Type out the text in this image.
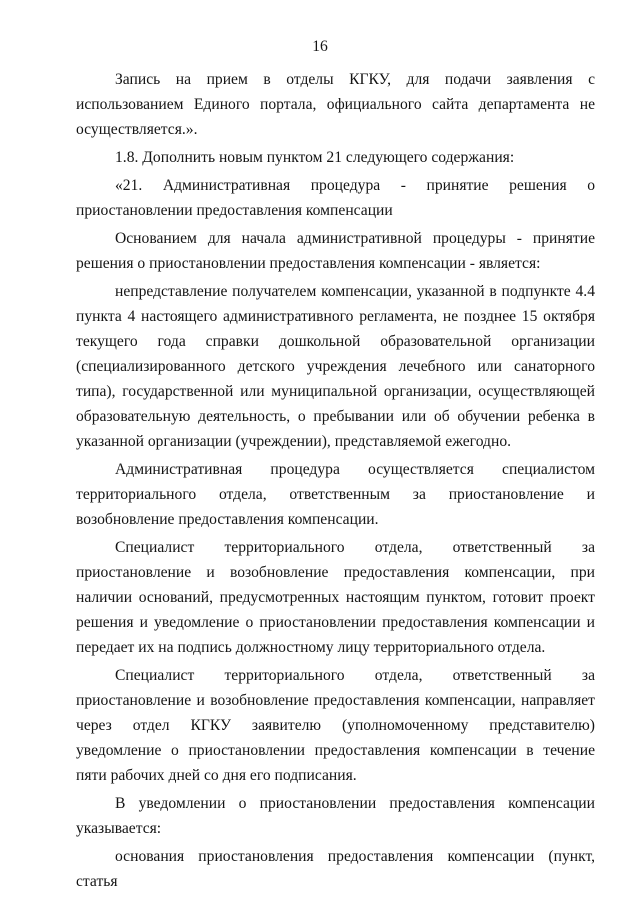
16

Запись на прием в отделы КГКУ, для подачи заявления с использованием Единого портала, официального сайта департамента не осуществляется.».

1.8. Дополнить новым пунктом 21 следующего содержания:

«21. Административная процедура - принятие решения о приостановлении предоставления компенсации

Основанием для начала административной процедуры - принятие решения о приостановлении предоставления компенсации - является:

непредставление получателем компенсации, указанной в подпункте 4.4 пункта 4 настоящего административного регламента, не позднее 15 октября текущего года справки дошкольной образовательной организации (специализированного детского учреждения лечебного или санаторного типа), государственной или муниципальной организации, осуществляющей образовательную деятельность, о пребывании или об обучении ребенка в указанной организации (учреждении), представляемой ежегодно.

Административная процедура осуществляется специалистом территориального отдела, ответственным за приостановление и возобновление предоставления компенсации.

Специалист территориального отдела, ответственный за приостановление и возобновление предоставления компенсации, при наличии оснований, предусмотренных настоящим пунктом, готовит проект решения и уведомление о приостановлении предоставления компенсации и передает их на подпись должностному лицу территориального отдела.

Специалист территориального отдела, ответственный за приостановление и возобновление предоставления компенсации, направляет через отдел КГКУ заявителю (уполномоченному представителю) уведомление о приостановлении предоставления компенсации в течение пяти рабочих дней со дня его подписания.

В уведомлении о приостановлении предоставления компенсации указывается:

основания приостановления предоставления компенсации (пункт, статья
